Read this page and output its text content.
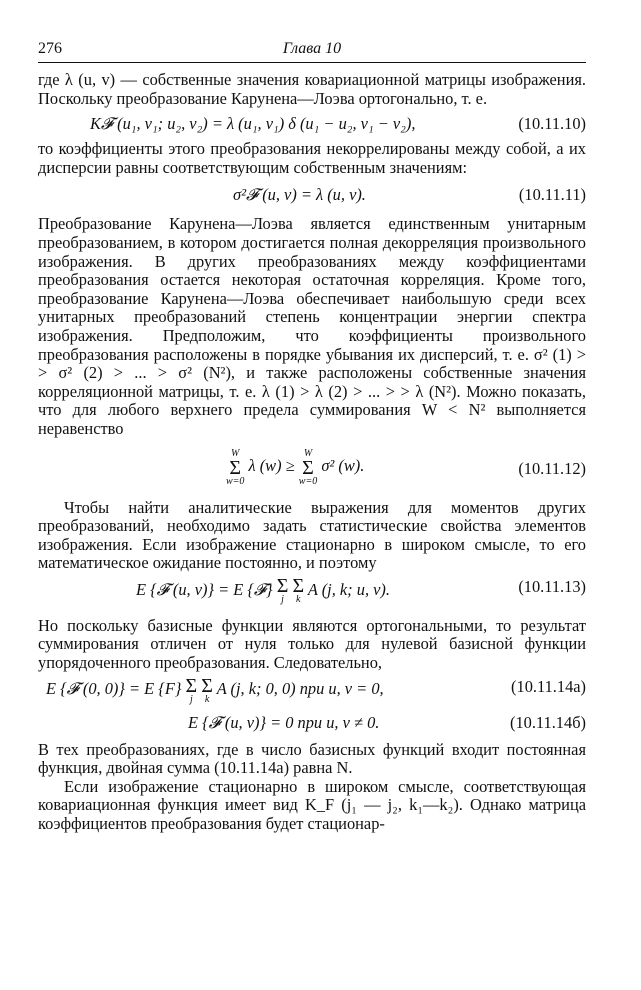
276	Глава 10

где λ (u, v) — собственные значения ковариационной матрицы изображения. Поскольку преобразование Карунена—Лоэва ортогонально, т. е.

K𝓕 (u₁, v₁; u₂, v₂) = λ (u₁, v₁) δ (u₁ − u₂, v₁ − v₂),	(10.11.10)

то коэффициенты этого преобразования некоррелированы между собой, а их дисперсии равны соответствующим собственным значениям:

σ²𝓕 (u, v) = λ (u, v).	(10.11.11)

Преобразование Карунена—Лоэва является единственным унитарным преобразованием, в котором достигается полная декорреляция произвольного изображения. В других преобразованиях между коэффициентами преобразования остается некоторая остаточная корреляция. Кроме того, преобразование Карунена—Лоэва обеспечивает наибольшую среди всех унитарных преобразований степень концентрации энергии спектра изображения. Предположим, что коэффициенты произвольного преобразования расположены в порядке убывания их дисперсий, т. е. σ² (1) > > σ² (2) > ... > σ² (N²), и также расположены собственные значения корреляционной матрицы, т. е. λ (1) > λ (2) > ... > > λ (N²). Можно показать, что для любого верхнего предела суммирования W < N² выполняется неравенство

W
Σ
w=0
λ (w) ≥
W
Σ
w=0
σ² (w).	(10.11.12)

Чтобы найти аналитические выражения для моментов других преобразований, необходимо задать статистические свойства элементов изображения. Если изображение стационарно в широком смысле, то его математическое ожидание постоянно, и поэтому

E {𝓕 (u, v)} = E {𝓕} Σ
j

Σ
k
A (j, k; u, v).	(10.11.13)

Но поскольку базисные функции являются ортогональными, то результат суммирования отличен от нуля только для нулевой базисной функции упорядоченного преобразования. Следовательно,

E {𝓕 (0, 0)} = E {F} Σ
j

Σ
k
A (j, k; 0, 0) при u, v = 0,	(10.11.14а)
E {𝓕 (u, v)} = 0 при u, v ≠ 0.	(10.11.14б)

В тех преобразованиях, где в число базисных функций входит постоянная функция, двойная сумма (10.11.14а) равна N.

Если изображение стационарно в широком смысле, соответствующая ковариационная функция имеет вид K_F (j₁ — j₂, k₁—k₂). Однако матрица коэффициентов преобразования будет стационар-
